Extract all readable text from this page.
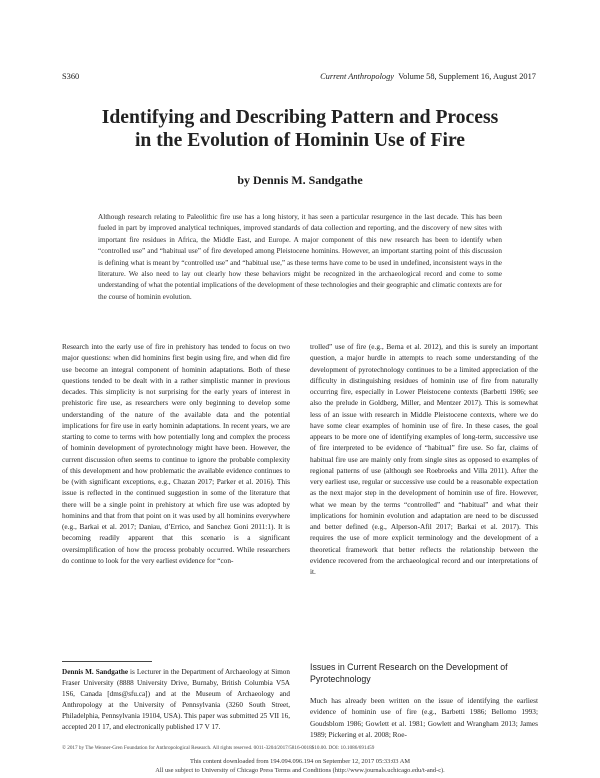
S360	Current Anthropology Volume 58, Supplement 16, August 2017
Identifying and Describing Pattern and Process
in the Evolution of Hominin Use of Fire
by Dennis M. Sandgathe
Although research relating to Paleolithic fire use has a long history, it has seen a particular resurgence in the last decade. This has been fueled in part by improved analytical techniques, improved standards of data collection and reporting, and the discovery of new sites with important fire residues in Africa, the Middle East, and Europe. A major component of this new research has been to identify when “controlled use” and “habitual use” of fire developed among Pleistocene hominins. However, an important starting point of this discussion is defining what is meant by “controlled use” and “habitual use,” as these terms have come to be used in undefined, inconsistent ways in the literature. We also need to lay out clearly how these behaviors might be recognized in the archaeological record and come to some understanding of what the potential implications of the development of these technologies and their geographic and climatic contexts are for the course of hominin evolution.

Research into the early use of fire in prehistory has tended to focus on two major questions: when did hominins first begin using fire, and when did fire use become an integral component of hominin adaptations. Both of these questions tended to be dealt with in a rather simplistic manner in previous decades. This simplicity is not surprising for the early years of interest in prehistoric fire use, as researchers were only beginning to develop some understanding of the nature of the available data and the potential implications for fire use in early hominin adaptations. In recent years, we are starting to come to terms with how potentially long and complex the process of hominin development of pyrotechnology might have been. However, the current discussion often seems to continue to ignore the probable complexity of this development and how problematic the available evidence continues to be (with significant exceptions, e.g., Chazan 2017; Parker et al. 2016). This issue is reflected in the continued suggestion in some of the literature that there will be a single point in prehistory at which fire use was adopted by hominins and that from that point on it was used by all hominins everywhere (e.g., Barkai et al. 2017; Daniau, d’Errico, and Sanchez Goni 2011:1). It is becoming readily apparent that this scenario is a significant oversimplification of how the process probably occurred. While researchers do continue to look for the very earliest evidence for “con-

trolled” use of fire (e.g., Berna et al. 2012), and this is surely an important question, a major hurdle in attempts to reach some understanding of the development of pyrotechnology continues to be a limited appreciation of the difficulty in distinguishing residues of hominin use of fire from naturally occurring fire, especially in Lower Pleistocene contexts (Barbetti 1986; see also the prelude in Goldberg, Miller, and Mentzer 2017). This is somewhat less of an issue with research in Middle Pleistocene contexts, where we do have some clear examples of hominin use of fire. In these cases, the goal appears to be more one of identifying examples of long-term, successive use of fire interpreted to be evidence of “habitual” fire use. So far, claims of habitual fire use are mainly only from single sites as opposed to examples of regional patterns of use (although see Roebroeks and Villa 2011). After the very earliest use, regular or successive use could be a reasonable expectation as the next major step in the development of hominin use of fire. However, what we mean by the terms “controlled” and “habitual” and what their implications for hominin evolution and adaptation are need to be discussed and better defined (e.g., Alperson-Afil 2017; Barkai et al. 2017). This requires the use of more explicit terminology and the development of a theoretical framework that better reflects the relationship between the evidence recovered from the archaeological record and our interpretations of it.

Issues in Current Research on the Development of Pyrotechnology

Much has already been written on the issue of identifying the earliest evidence of hominin use of fire (e.g., Barbetti 1986; Bellomo 1993; Goudsblom 1986; Gowlett et al. 1981; Gowlett and Wrangham 2013; James 1989; Pickering et al. 2008; Roe-

Dennis M. Sandgathe is Lecturer in the Department of Archaeology at Simon Fraser University (8888 University Drive, Burnaby, British Columbia V5A 1S6, Canada [dms@sfu.ca]) and at the Museum of Archaeology and Anthropology at the University of Pennsylvania (3260 South Street, Philadelphia, Pennsylvania 19104, USA). This paper was submitted 25 VII 16, accepted 20 I 17, and electronically published 17 V 17.
© 2017 by The Wenner-Gren Foundation for Anthropological Research. All rights reserved. 0011-3204/2017/5816-0018$10.00. DOI: 10.1086/691459
This content downloaded from 194.094.096.194 on September 12, 2017 05:33:03 AM
All use subject to University of Chicago Press Terms and Conditions (http://www.journals.uchicago.edu/t-and-c).
